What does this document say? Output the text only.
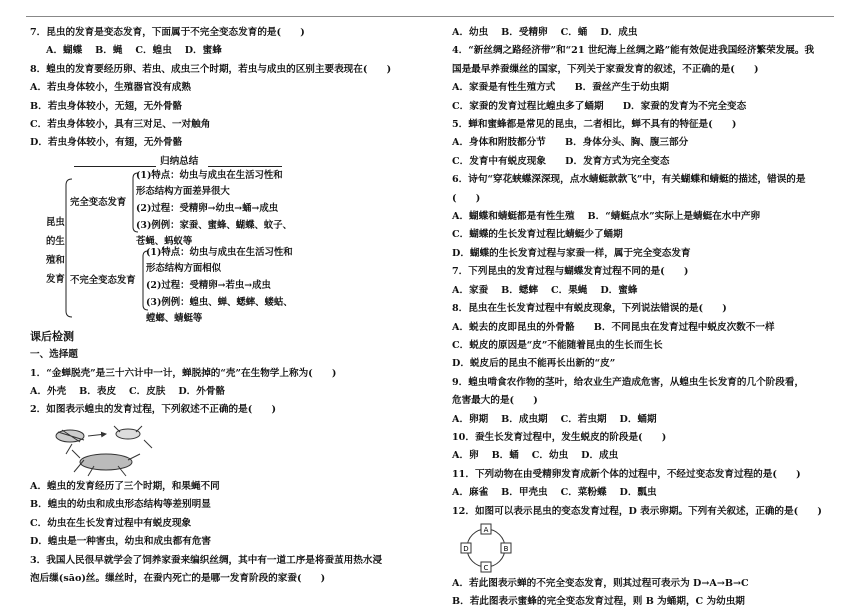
7．昆虫的发育是变态发育，下面属于不完全变态发育的是(　　)
A．蝴蝶　 B．蝇　 C．蝗虫　 D．蜜蜂
8．蝗虫的发育要经历卵、若虫、成虫三个时期，若虫与成虫的区别主要表现在(　　)
A．若虫身体较小，生殖器官没有成熟
B．若虫身体较小，无翅，无外骨骼
C．若虫身体较小，具有三对足、一对触角
D．若虫身体较小，有翅，无外骨骼
归纳总结
昆虫
的生
殖和
发育
完全变态发育
(1)特点：幼虫与成虫在生活习性和
形态结构方面差异很大
(2)过程：受精卵→幼虫→蛹→成虫
(3)例例：家蚕、蜜蜂、蝴蝶、蚊子、
苍蝇、蚂蚁等
不完全变态发育
(1)特点：幼虫与成虫在生活习性和
形态结构方面相似
(2)过程：受精卵→若虫→成虫
(3)例例：蝗虫、蝉、蟋蟀、蝼蛄、
螳螂、蜻蜓等
课后检测
一、选择题
1．“金蝉脱壳”是三十六计中一计，蝉脱掉的“壳”在生物学上称为(　　)
A．外壳　 B．表皮　 C．皮肤　 D．外骨骼
2．如图表示蝗虫的发育过程，下列叙述不正确的是(　　)
A．蝗虫的发育经历了三个时期，和果蝇不同
B．蝗虫的幼虫和成虫形态结构等差别明显
C．幼虫在生长发育过程中有蜕皮现象
D．蝗虫是一种害虫，幼虫和成虫都有危害
3．我国人民很早就学会了饲养家蚕来编织丝绸，其中有一道工序是将蚕茧用热水浸
泡后缫(sāo)丝。缫丝时，在蚕内死亡的是哪一发育阶段的家蚕(　　)
A．幼虫　 B．受精卵　 C．蛹　 D．成虫
4．“新丝绸之路经济带”和“21 世纪海上丝绸之路”能有效促进我国经济繁荣发展。我
国是最早养蚕缫丝的国家，下列关于家蚕发育的叙述，不正确的是(　　)
A．家蚕是有性生殖方式　　B．蚕丝产生于幼虫期
C．家蚕的发育过程比蝗虫多了蛹期　　D．家蚕的发育为不完全变态
5．蝉和蜜蜂都是常见的昆虫，二者相比，蝉不具有的特征是(　　)
A．身体和附肢都分节　　B．身体分头、胸、腹三部分
C．发育中有蜕皮现象　　D．发育方式为完全变态
6．诗句“穿花蛱蝶深深现，点水蜻蜓款款飞”中，有关蝴蝶和蜻蜓的描述，错误的是
(　　)
A．蝴蝶和蜻蜓都是有性生殖　 B．“蜻蜓点水”实际上是蜻蜓在水中产卵
C．蝴蝶的生长发育过程比蜻蜓少了蛹期
D．蝴蝶的生长发育过程与家蚕一样，属于完全变态发育
7．下列昆虫的发育过程与蝴蝶发育过程不同的是(　　)
A．家蚕　 B．蟋蟀　 C．果蝇　 D．蜜蜂
8．昆虫在生长发育过程中有蜕皮现象，下列说法错误的是(　　)
A．蜕去的皮即昆虫的外骨骼　　B．不同昆虫在发育过程中蜕皮次数不一样
C．蜕皮的原因是“皮”不能随着昆虫的生长而生长
D．蜕皮后的昆虫不能再长出新的“皮”
9．蝗虫啃食农作物的茎叶，给农业生产造成危害，从蝗虫生长发育的几个阶段看，
危害最大的是(　　)
A．卵期　 B．成虫期　 C．若虫期　 D．蛹期
10．蚕生长发育过程中，发生蜕皮的阶段是(　　)
A．卵　 B．蛹　 C．幼虫　 D．成虫
11．下列动物在由受精卵发育成新个体的过程中，不经过变态发育过程的是(　　)
A．麻雀　 B．甲壳虫　 C．菜粉蝶　 D．瓢虫
12．如图可以表示昆虫的变态发育过程，D 表示卵期。下列有关叙述，正确的是(　　)
A
B
C
D
A．若此图表示蝉的不完全变态发育，则其过程可表示为 D→A→B→C
B．若此图表示蜜蜂的完全变态发育过程，则 B 为蛹期，C 为幼虫期
